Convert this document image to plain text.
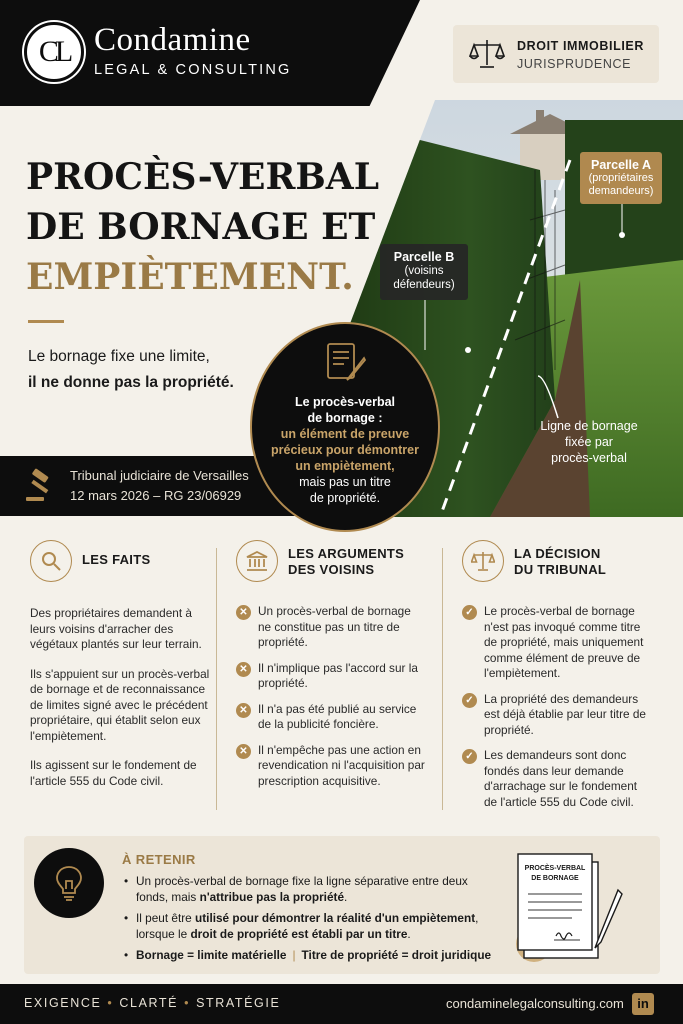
CL Condamine
LEGAL & CONSULTING
DROIT IMMOBILIER
JURISPRUDENCE
PROCÈS-VERBAL
DE BORNAGE ET
EMPIÈTEMENT.
Le bornage fixe une limite,
il ne donne pas la propriété.
Tribunal judiciaire de Versailles
12 mars 2026 – RG 23/06929
Parcelle A
(propriétaires
demandeurs)
Parcelle B
(voisins
défendeurs)
Ligne de bornage
fixée par
procès-verbal
Le procès-verbal
de bornage :
un élément de preuve
précieux pour démontrer
un empiètement,
mais pas un titre
de propriété.
LES FAITS

Des propriétaires demandent à leurs voisins d'arracher des végétaux plantés sur leur terrain.

Ils s'appuient sur un procès-verbal de bornage et de reconnaissance de limites signé avec le précédent propriétaire, qui établit selon eux l'empiètement.

Ils agissent sur le fondement de l'article 555 du Code civil.

LES ARGUMENTS
DES VOISINS
✕ Un procès-verbal de bornage ne constitue pas un titre de propriété.
✕ Il n'implique pas l'accord sur la propriété.
✕ Il n'a pas été publié au service de la publicité foncière.
✕ Il n'empêche pas une action en revendication ni l'acquisition par prescription acquisitive.
LA DÉCISION
DU TRIBUNAL
✓ Le procès-verbal de bornage n'est pas invoqué comme titre de propriété, mais uniquement comme élément de preuve de l'empiètement.
✓ La propriété des demandeurs est déjà établie par leur titre de propriété.
✓ Les demandeurs sont donc fondés dans leur demande d'arrachage sur le fondement de l'article 555 du Code civil.
À RETENIR
• Un procès-verbal de bornage fixe la ligne séparative entre deux fonds, mais n'attribue pas la propriété.
• Il peut être utilisé pour démontrer la réalité d'un empiètement, lorsque le droit de propriété est établi par un titre.
• Bornage = limite matérielle | Titre de propriété = droit juridique
PROCÈS-VERBAL
DE BORNAGE
EXIGENCE • CLARTÉ • STRATÉGIE	condaminelegalconsulting.com	in
